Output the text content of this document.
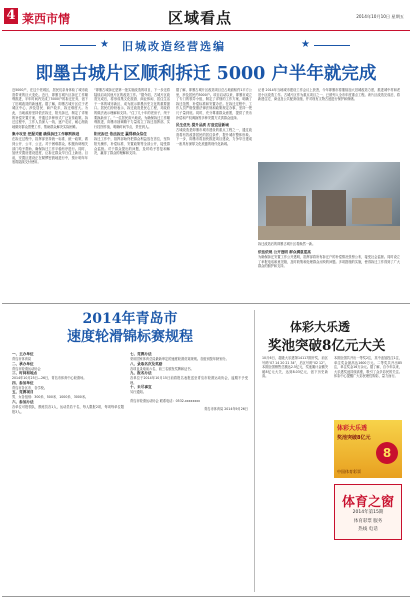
4 莱西市情	区域看点	2014年10月10日 星期五
★ 旧城改造经营选编	★
即墨古城片区顺利拆迁 5000 户半年就完成

近5000户，在这个老城区，居民们亲身体验了城市改造带来的巨大变化。近日，即墨古城片区拆迁工作顺利推进，半年时间内完成了5000户的拆迁任务，创下了旧城改造的新速度。据了解，即墨古城片区位于老城区中心，涉及居民、商户较多，拆迁难度大。为此，当地政府坚持依法拆迁、阳光拆迁，制定了详细的补偿安置方案，并通过多种形式广泛宣传政策。拆迁过程中，工作人员深入一线，逐户走访，耐心细致地做好群众思想工作，帮助群众解决实际困难。

集中攻坚 把握关键 确保拆迁工作顺利推进

在拆迁过程中，指挥部坚持统一标准、统一政策，做到公开、公平、公正。对于困难群众，积极协调相关部门给予帮助，确保拆迁工作平稳有序进行。同时，加快安置房建设进度，让拆迁群众早日住上新房。目前，安置区建设正在紧锣密鼓地进行中，预计明年年底将陆续交付使用。

“即墨古城拆迁是第一批实施改造的项目，下一步还将陆续启动其他片区的改造工作。”据介绍，古城片区改造完成后，将形成集文化旅游、商业休闲、居住生活于一体的城市新区，成为展示即墨历史文化的重要窗口。居民们纷纷表示，拆迁改造是民心工程，对政府的做法表示理解和支持。“住了几十年的老房子，终于要换新房了。”一位居民高兴地说。为确保拆迁工作顺利推进，即墨市抽调精干力量成立了拆迁指挥部，实行挂图作战，明确时间节点，责任到人。

阳光拆迁 依法拆迁 赢得群众信任

拆迁工作中，指挥部始终把群众利益放在首位，坚持阳光操作，补偿标准、安置政策等全部公开，接受群众监督。对于群众提出的问题，及时给予答复和解决，赢得了群众的理解和支持。

据了解，即墨古城片区改造项目总占地面积约1平方公里，涉及居民约5000户。项目启动以来，即墨市成立了专门的领导小组，制定了详细的工作方案，明确了拆迁范围、补偿标准和安置办法。在拆迁过程中，工作人员严格按照法律法规和政策规定办事，坚持一把尺子量到底。同时，充分尊重群众意愿，提供了货币补偿和产权调换等多种安置方式供群众选择。

民生优先 提升品质 打造宜居新城

古城改造是即墨市城市建设的重点工程之一，通过改造将有效改善居民的居住条件，提升城市整体形象。下一步，即墨市将加快推进项目建设，力争早日建成一座具有深厚文化底蕴的现代化新城。

记者 2014年当地城市建设工作会议上获悉，今年即墨市将继续加大旧城改造力度，推进城中村和老旧小区改造工作。古城片区作为重点项目之一，已被列入全市年度重点工程。该片区改造完成后，将新建住宅、商业及公共配套设施，并对现有文物古迹进行保护和修缮。

拆迁改造后的即墨古城片区将焕然一新。

依法依规 公开透明 群众满意度高

为确保拆迁安置工作公开透明，指挥部将所有拆迁户的补偿情况张榜公布，接受社会监督。同时设立了举报电话和意见箱，及时收集和处理群众反映的问题。多项措施的实施，使得拆迁工作得到了广大群众的拥护和支持。

2014年青岛市
速度轮滑锦标赛规程

一、主办单位

青岛市体育局

二、承办单位

青岛市轮滑运动协会

三、时间和地点

2014年10月25日—26日，青岛市体育中心轮滑场。

四、参加单位

青岛市各区市、各学校。

五、竞赛项目

男、女各组别：300米、500米、1000米、3000米。

六、参加办法

各单位可报领队、教练员各1人，运动员若干名，每人限报2项，每项每单位限报3人。

七、竞赛办法

采用国家体育总局最新审定的速度轮滑竞赛规则。各组别按年龄划分。

八、录取名次及奖励

各项目录取前六名，前三名颁发奖牌和证书。

九、报名办法

各单位于2014年10月15日前将报名表报送至青岛市轮滑运动协会，逾期不予受理。

十、未尽事宜

另行通知。

青岛市轮滑运动协会 联系电话：0532-xxxxxxxx

青岛市体育局 2014年9月26日

体彩大乐透
奖池突破8亿元大关

10月6日，超级大乐透第14117期开奖，前区号码“07 14 20 21 34”，后区号码“02 12”。本期全国销售总额达2.5亿元，奖池累计金额突破8亿元大关，达到8.03亿元，创下历史新高。

本期全国共开出一等奖2注，其中追加投注1注，单注奖金最高达1600万元。二等奖共开出85注，单注奖金16万余元。据了解，自今年以来，大乐透奖池持续高涨，吸引了众多彩民的关注。体彩中心提醒广大彩民理性购彩，量力而行。

体彩大乐透
奖池突破8亿元
8
中国体育彩票
体育之窗
2014年第15期
体育彩票 服务
热线 电话
